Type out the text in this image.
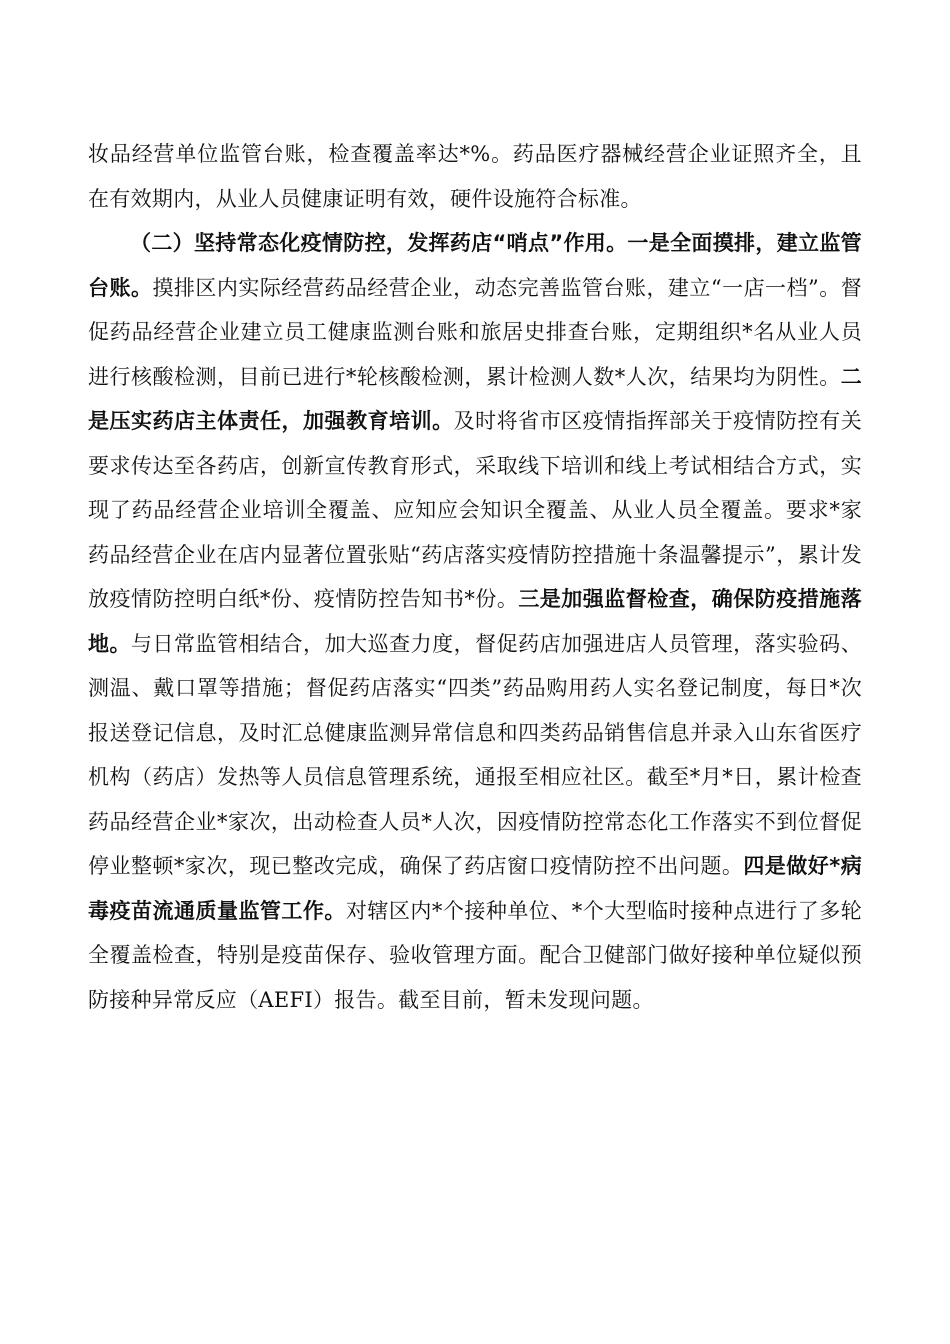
妆品经营单位监管台账，检查覆盖率达*%。药品医疗器械经营企业证照齐全，且在有效期内，从业人员健康证明有效，硬件设施符合标准。

（二）坚持常态化疫情防控，发挥药店“哨点”作用。一是全面摸排，建立监管台账。摸排区内实际经营药品经营企业，动态完善监管台账，建立“一店一档”。督促药品经营企业建立员工健康监测台账和旅居史排查台账，定期组织*名从业人员进行核酸检测，目前已进行*轮核酸检测，累计检测人数*人次，结果均为阴性。二是压实药店主体责任，加强教育培训。及时将省市区疫情指挥部关于疫情防控有关要求传达至各药店，创新宣传教育形式，采取线下培训和线上考试相结合方式，实现了药品经营企业培训全覆盖、应知应会知识全覆盖、从业人员全覆盖。要求*家药品经营企业在店内显著位置张贴“药店落实疫情防控措施十条温馨提示”，累计发放疫情防控明白纸*份、疫情防控告知书*份。三是加强监督检查，确保防疫措施落地。与日常监管相结合，加大巡查力度，督促药店加强进店人员管理，落实验码、测温、戴口罩等措施；督促药店落实“四类”药品购用药人实名登记制度，每日*次报送登记信息，及时汇总健康监测异常信息和四类药品销售信息并录入山东省医疗机构（药店）发热等人员信息管理系统，通报至相应社区。截至*月*日，累计检查药品经营企业*家次，出动检查人员*人次，因疫情防控常态化工作落实不到位督促停业整顿*家次，现已整改完成，确保了药店窗口疫情防控不出问题。四是做好*病毒疫苗流通质量监管工作。对辖区内*个接种单位、*个大型临时接种点进行了多轮全覆盖检查，特别是疫苗保存、验收管理方面。配合卫健部门做好接种单位疑似预防接种异常反应（AEFI）报告。截至目前，暂未发现问题。
